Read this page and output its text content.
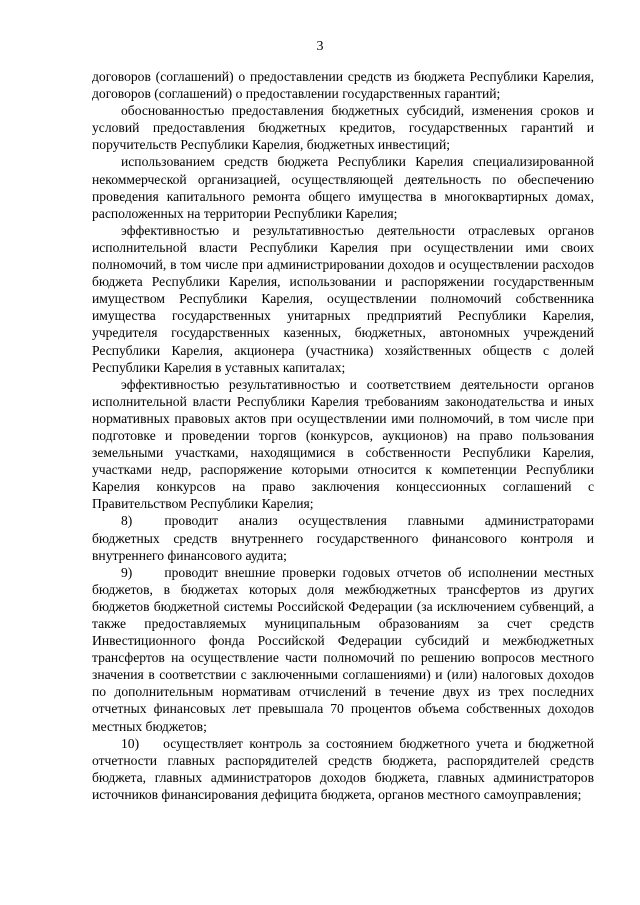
3

договоров (соглашений) о предоставлении средств из бюджета Республики Карелия, договоров (соглашений) о предоставлении государственных гарантий;

обоснованностью предоставления бюджетных субсидий, изменения сроков и условий предоставления бюджетных кредитов, государственных гарантий и поручительств Республики Карелия, бюджетных инвестиций;

использованием средств бюджета Республики Карелия специализированной некоммерческой организацией, осуществляющей деятельность по обеспечению проведения капитального ремонта общего имущества в многоквартирных домах, расположенных на территории Республики Карелия;

эффективностью и результативностью деятельности отраслевых органов исполнительной власти Республики Карелия при осуществлении ими своих полномочий, в том числе при администрировании доходов и осуществлении расходов бюджета Республики Карелия, использовании и распоряжении государственным имуществом Республики Карелия, осуществлении полномочий собственника имущества государственных унитарных предприятий Республики Карелия, учредителя государственных казенных, бюджетных, автономных учреждений Республики Карелия, акционера (участника) хозяйственных обществ с долей Республики Карелия в уставных капиталах;

эффективностью результативностью и соответствием деятельности органов исполнительной власти Республики Карелия требованиям законодательства и иных нормативных правовых актов при осуществлении ими полномочий, в том числе при подготовке и проведении торгов (конкурсов, аукционов) на право пользования земельными участками, находящимися в собственности Республики Карелия, участками недр, распоряжение которыми относится к компетенции Республики Карелия конкурсов на право заключения концессионных соглашений с Правительством Республики Карелия;

8) проводит анализ осуществления главными администраторами бюджетных средств внутреннего государственного финансового контроля и внутреннего финансового аудита;

9) проводит внешние проверки годовых отчетов об исполнении местных бюджетов, в бюджетах которых доля межбюджетных трансфертов из других бюджетов бюджетной системы Российской Федерации (за исключением субвенций, а также предоставляемых муниципальным образованиям за счет средств Инвестиционного фонда Российской Федерации субсидий и межбюджетных трансфертов на осуществление части полномочий по решению вопросов местного значения в соответствии с заключенными соглашениями) и (или) налоговых доходов по дополнительным нормативам отчислений в течение двух из трех последних отчетных финансовых лет превышала 70 процентов объема собственных доходов местных бюджетов;

10) осуществляет контроль за состоянием бюджетного учета и бюджетной отчетности главных распорядителей средств бюджета, распорядителей средств бюджета, главных администраторов доходов бюджета, главных администраторов источников финансирования дефицита бюджета, органов местного самоуправления;
